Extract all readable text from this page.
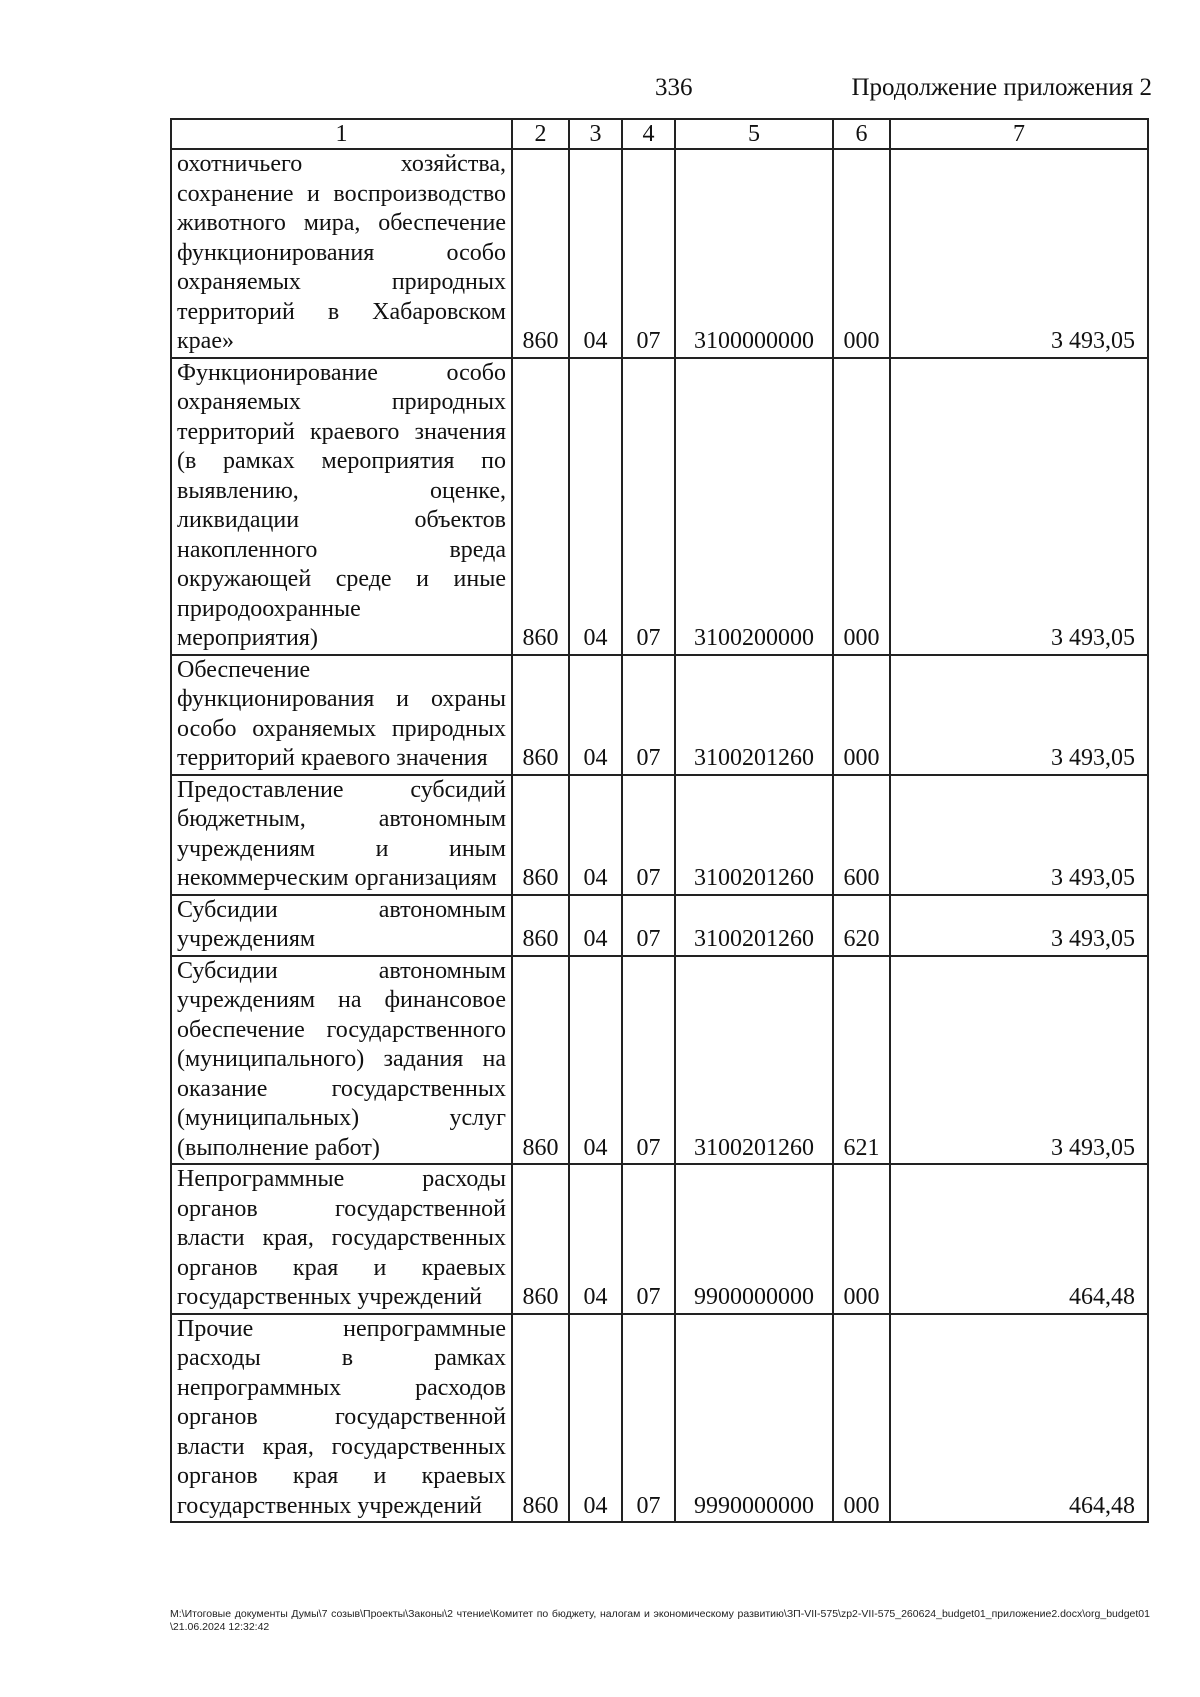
336	Продолжение приложения 2
1	2	3	4	5	6	7
охотничьего хозяйства, сохранение и воспроизводство животного мира, обеспечение функционирования особо охраняемых природных территорий в Хабаровском крае»	860	04	07	3100000000	000	3 493,05
Функционирование особо охраняемых природных территорий краевого значения (в рамках мероприятия по выявлению, оценке, ликвидации объектов накопленного вреда окружающей среде и иные природоохранные мероприятия)	860	04	07	3100200000	000	3 493,05
Обеспечение функционирования и охраны особо охраняемых природных территорий краевого значения	860	04	07	3100201260	000	3 493,05
Предоставление субсидий бюджетным, автономным учреждениям и иным некоммерческим организациям	860	04	07	3100201260	600	3 493,05
Субсидии автономным учреждениям	860	04	07	3100201260	620	3 493,05
Субсидии автономным учреждениям на финансовое обеспечение государственного (муниципального) задания на оказание государственных (муниципальных) услуг (выполнение работ)	860	04	07	3100201260	621	3 493,05
Непрограммные расходы органов государственной власти края, государственных органов края и краевых государственных учреждений	860	04	07	9900000000	000	464,48
Прочие непрограммные расходы в рамках непрограммных расходов органов государственной власти края, государственных органов края и краевых государственных учреждений	860	04	07	9990000000	000	464,48
M:\Итоговые документы Думы\7 созыв\Проекты\Законы\2 чтение\Комитет по бюджету, налогам и экономическому развитию\ЗП-VII-575\zp2-VII-575_260624_budget01_приложение2.docx\org_budget01\21.06.2024 12:32:42
